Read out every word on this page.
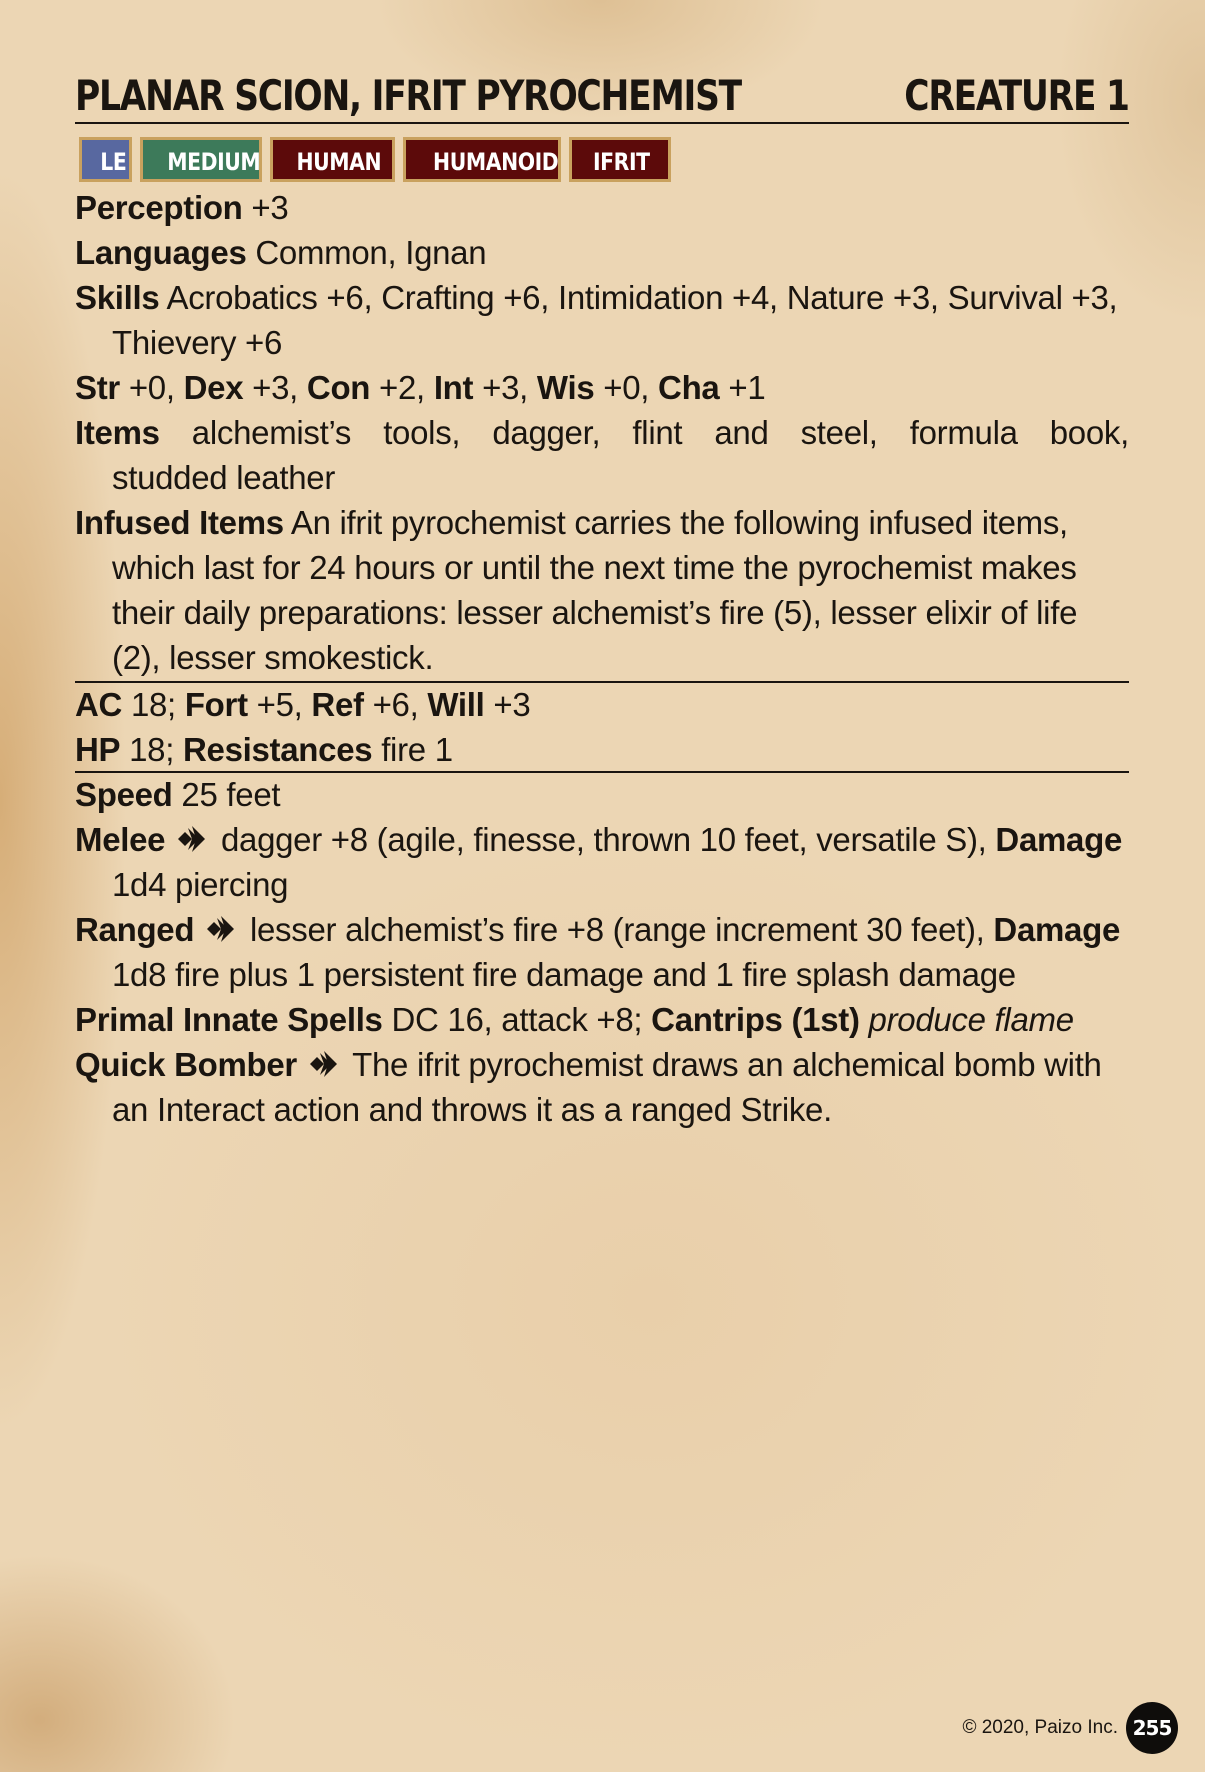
PLANAR SCION, IFRIT PYROCHEMIST	CREATURE 1
LE	MEDIUM	HUMAN	HUMANOID	IFRIT
Perception +3
Languages Common, Ignan
Skills Acrobatics +6, Crafting +6, Intimidation +4, Nature +3, Survival +3,
Thievery +6
Str +0, Dex +3, Con +2, Int +3, Wis +0, Cha +1
Items alchemist’s tools, dagger, flint and steel, formula book,
studded leather
Infused Items An ifrit pyrochemist carries the following infused items,
which last for 24 hours or until the next time the pyrochemist makes
their daily preparations: lesser alchemist’s fire (5), lesser elixir of life
(2), lesser smokestick.
AC 18; Fort +5, Ref +6, Will +3
HP 18; Resistances fire 1
Speed 25 feet
Melee dagger +8 (agile, finesse, thrown 10 feet, versatile S), Damage
1d4 piercing
Ranged lesser alchemist’s fire +8 (range increment 30 feet), Damage
1d8 fire plus 1 persistent fire damage and 1 fire splash damage
Primal Innate Spells DC 16, attack +8; Cantrips (1st) produce flame
Quick Bomber The ifrit pyrochemist draws an alchemical bomb with
an Interact action and throws it as a ranged Strike.
© 2020, Paizo Inc. 255
